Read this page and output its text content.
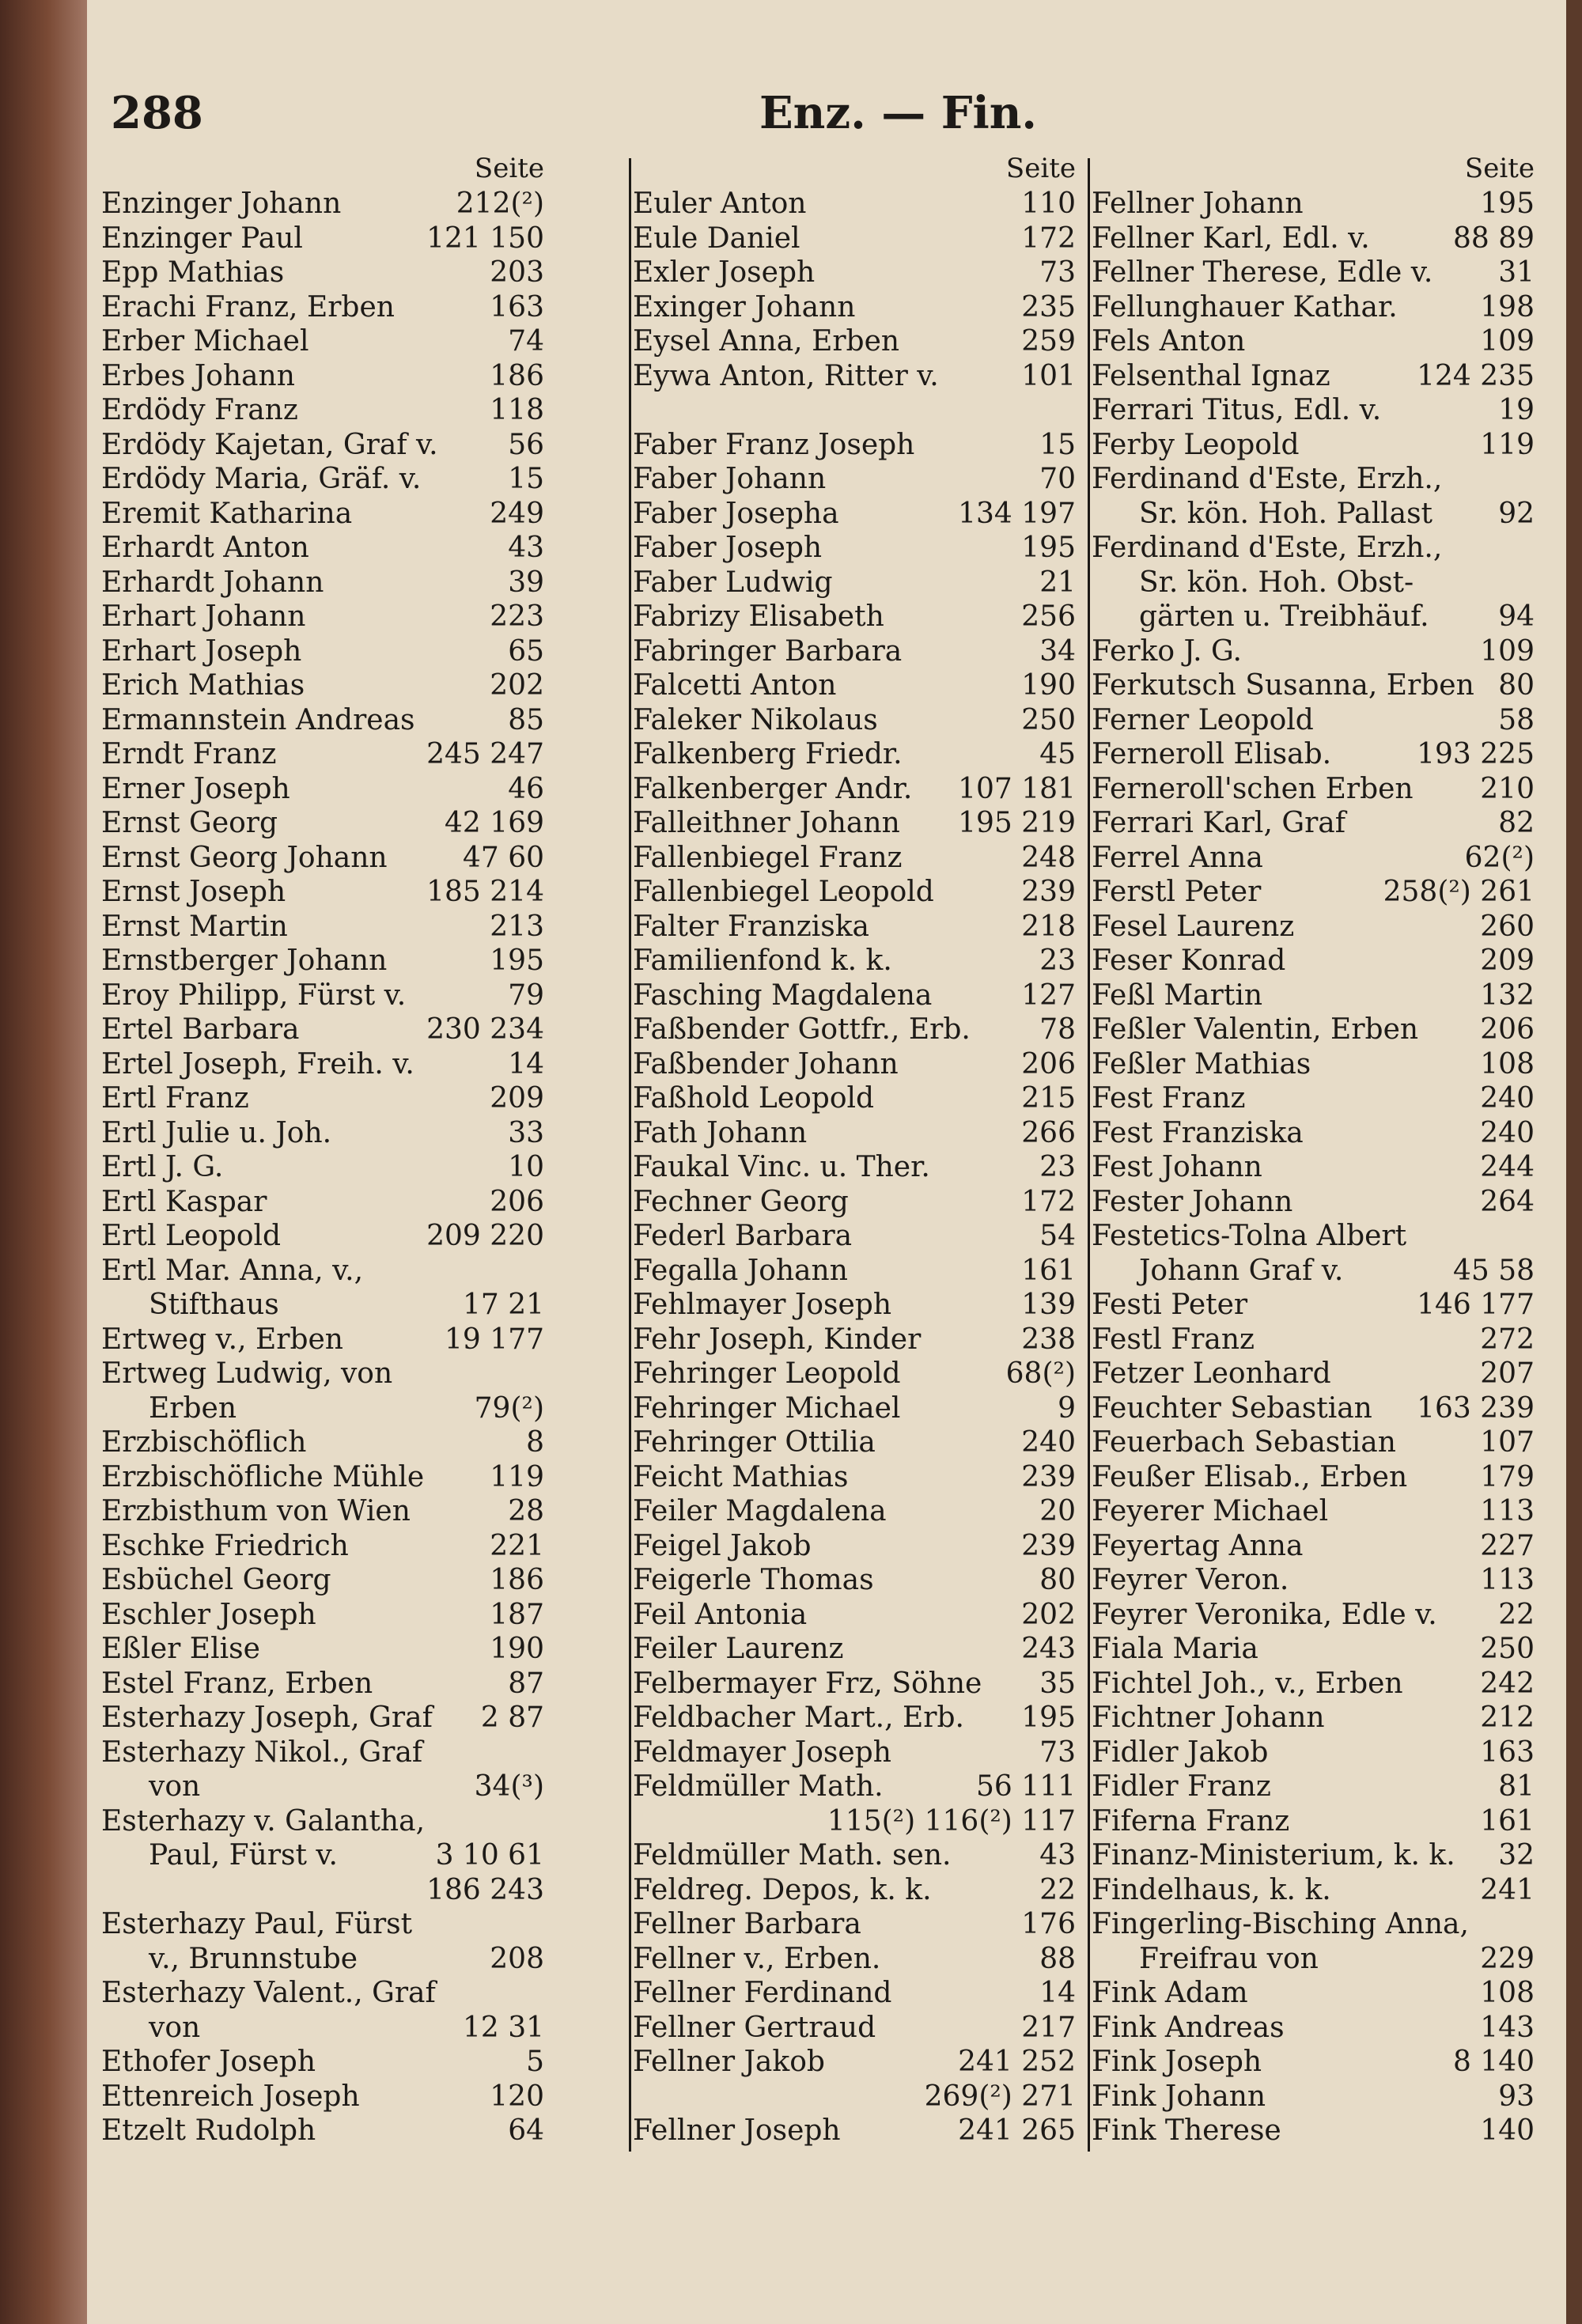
288	Enz. — Fin.
Seite
Enzinger Johann	212(²)
Enzinger Paul	121 150
Epp Mathias	203
Erachi Franz, Erben	163
Erber Michael	74
Erbes Johann	186
Erdödy Franz	118
Erdödy Kajetan, Graf v. 56
Erdödy Maria, Gräf. v.	15
Eremit Katharina	249
Erhardt Anton	43
Erhardt Johann	39
Erhart Johann	223
Erhart Joseph	65
Erich Mathias	202
Ermannstein Andreas	85
Erndt Franz	245 247
Erner Joseph	46
Ernst Georg	42 169
Ernst Georg Johann	47 60
Ernst Joseph	185 214
Ernst Martin	213
Ernstberger Johann	195
Eroy Philipp, Fürst v.	79
Ertel Barbara	230 234
Ertel Joseph, Freih. v.	14
Ertl Franz	209
Ertl Julie u. Joh.	33
Ertl J. G.	10
Ertl Kaspar	206
Ertl Leopold	209 220
Ertl Mar. Anna, v.,
Stifthaus	17 21
Ertweg v., Erben	19 177
Ertweg Ludwig, von
Erben	79(²)
Erzbischöflich	8
Erzbischöfliche Mühle 119
Erzbisthum von Wien	28
Eschke Friedrich	221
Esbüchel Georg	186
Eschler Joseph	187
Eßler Elise	190
Estel Franz, Erben	87
Esterhazy Joseph, Graf 2 87
Esterhazy Nikol., Graf
von	34(³)
Esterhazy v. Galantha,
Paul, Fürst v.	3 10 61
186 243
Esterhazy Paul, Fürst
v., Brunnstube	208
Esterhazy Valent., Graf
von	12 31
Ethofer Joseph	5
Ettenreich Joseph	120
Etzelt Rudolph	64
Seite
Euler Anton	110
Eule Daniel	172
Exler Joseph	73
Exinger Johann	235
Eysel Anna, Erben	259
Eywa Anton, Ritter v.	101
Faber Franz Joseph	15
Faber Johann	70
Faber Josepha	134 197
Faber Joseph	195
Faber Ludwig	21
Fabrizy Elisabeth	256
Fabringer Barbara	34
Falcetti Anton	190
Faleker Nikolaus	250
Falkenberg Friedr.	45
Falkenberger Andr. 107 181
Falleithner Johann 195 219
Fallenbiegel Franz	248
Fallenbiegel Leopold	239
Falter Franziska	218
Familienfond k. k.	23
Fasching Magdalena	127
Faßbender Gottfr., Erb. 78
Faßbender Johann	206
Faßhold Leopold	215
Fath Johann	266
Faukal Vinc. u. Ther.	23
Fechner Georg	172
Federl Barbara	54
Fegalla Johann	161
Fehlmayer Joseph	139
Fehr Joseph, Kinder	238
Fehringer Leopold	68(²)
Fehringer Michael	9
Fehringer Ottilia	240
Feicht Mathias	239
Feiler Magdalena	20
Feigel Jakob	239
Feigerle Thomas	80
Feil Antonia	202
Feiler Laurenz	243
Felbermayer Frz, Söhne 35
Feldbacher Mart., Erb. 195
Feldmayer Joseph	73
Feldmüller Math.	56 111
115(²) 116(²) 117
Feldmüller Math. sen.	43
Feldreg. Depos, k. k.	22
Fellner Barbara	176
Fellner v., Erben.	88
Fellner Ferdinand	14
Fellner Gertraud	217
Fellner Jakob	241 252
269(²) 271
Fellner Joseph	241 265
Seite
Fellner Johann	195
Fellner Karl, Edl. v.	88 89
Fellner Therese, Edle v. 31
Fellunghauer Kathar.	198
Fels Anton	109
Felsenthal Ignaz	124 235
Ferrari Titus, Edl. v.	19
Ferby Leopold	119
Ferdinand d'Este, Erzh.,
Sr. kön. Hoh. Pallast 92
Ferdinand d'Este, Erzh.,
Sr. kön. Hoh. Obst-
gärten u. Treibhäuf. 94
Ferko J. G.	109
Ferkutsch Susanna, Erben 80
Ferner Leopold	58
Ferneroll Elisab.	193 225
Ferneroll'schen Erben 210
Ferrari Karl, Graf	82
Ferrel Anna	62(²)
Ferstl Peter	258(²) 261
Fesel Laurenz	260
Feser Konrad	209
Feßl Martin	132
Feßler Valentin, Erben 206
Feßler Mathias	108
Fest Franz	240
Fest Franziska	240
Fest Johann	244
Fester Johann	264
Festetics-Tolna Albert
Johann Graf v.	45 58
Festi Peter	146 177
Festl Franz	272
Fetzer Leonhard	207
Feuchter Sebastian 163 239
Feuerbach Sebastian	107
Feußer Elisab., Erben	179
Feyerer Michael	113
Feyertag Anna	227
Feyrer Veron.	113
Feyrer Veronika, Edle v. 22
Fiala Maria	250
Fichtel Joh., v., Erben	242
Fichtner Johann	212
Fidler Jakob	163
Fidler Franz	81
Fiferna Franz	161
Finanz-Ministerium, k. k. 32
Findelhaus, k. k.	241
Fingerling-Bisching Anna,
Freifrau von	229
Fink Adam	108
Fink Andreas	143
Fink Joseph	8 140
Fink Johann	93
Fink Therese	140
